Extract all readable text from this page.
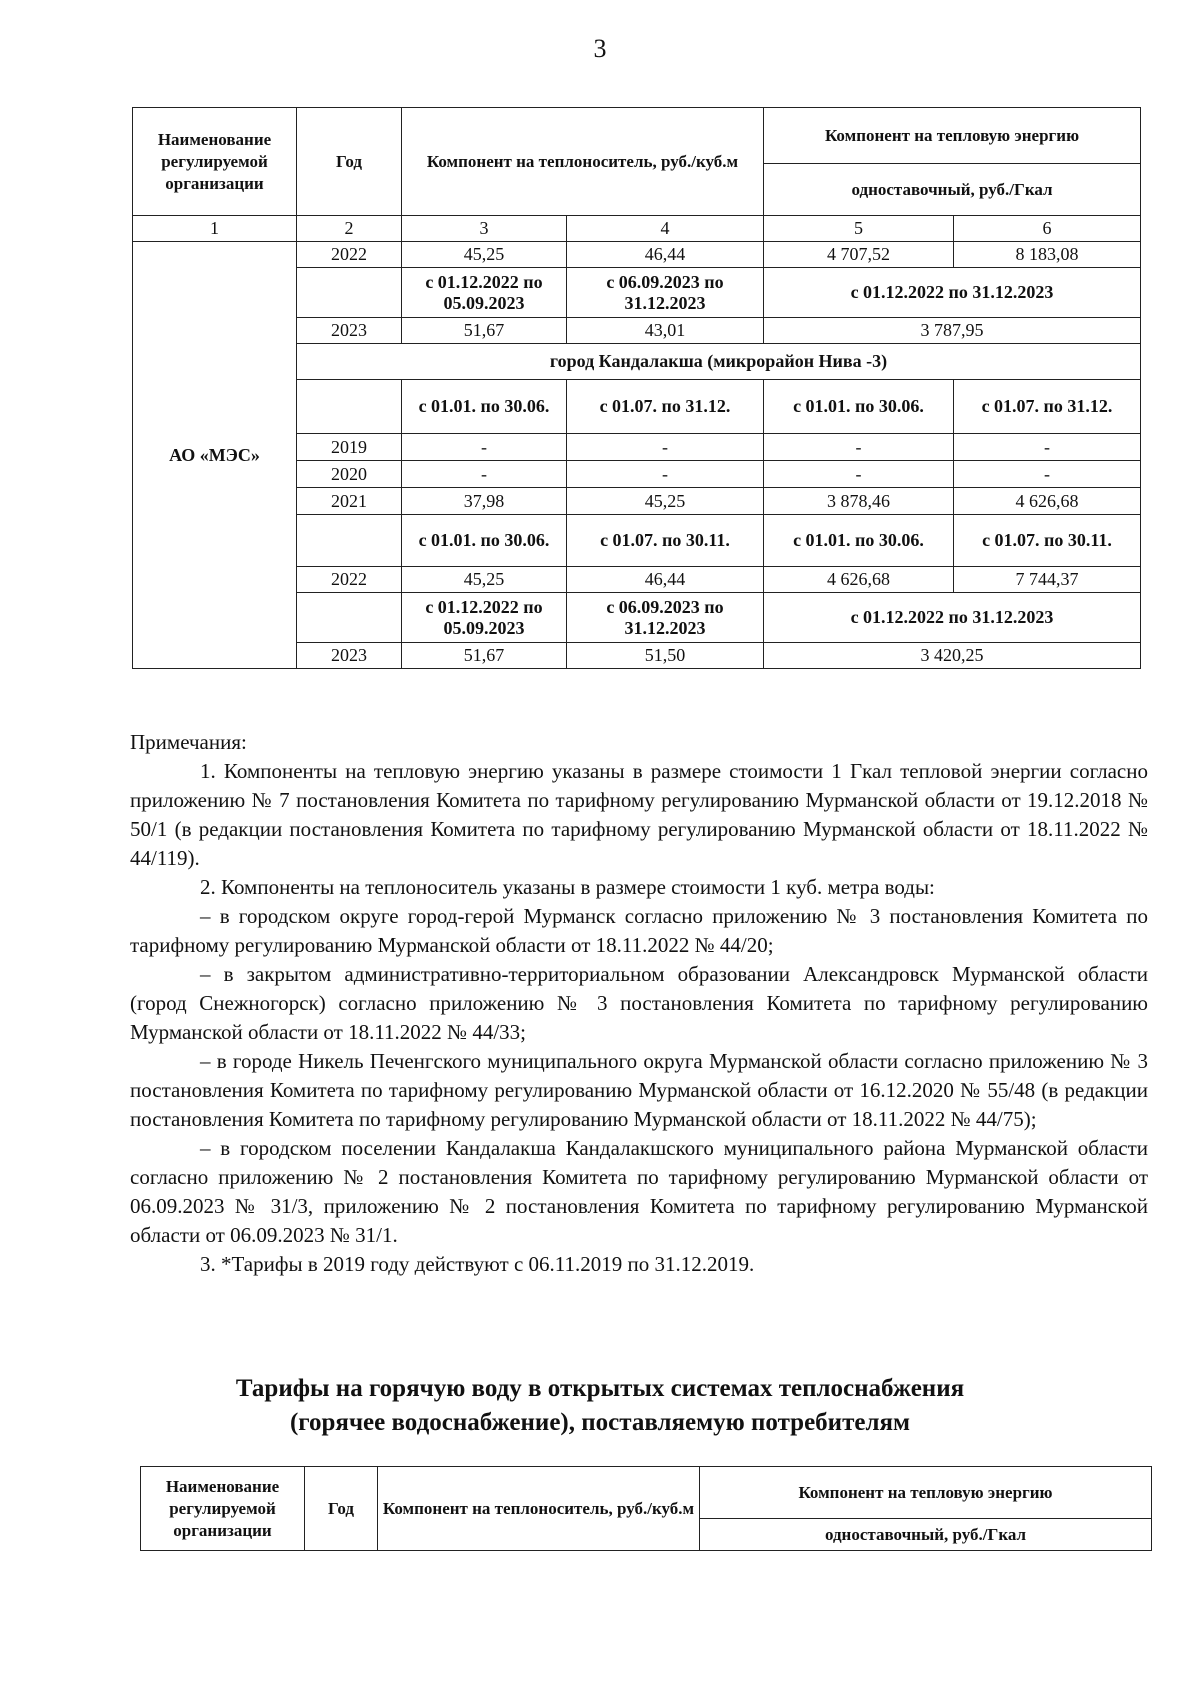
3
Наименование регулируемой организации	Год	Компонент на теплоноситель, руб./куб.м		Компонент на тепловую энергию	
				одноставочный, руб./Гкал	
1	2	3	4	5	6
АО «МЭС»	2022	45,25	46,44	4 707,52	8 183,08
		с 01.12.2022 по 05.09.2023	с 06.09.2023 по 31.12.2023	с 01.12.2022 по 31.12.2023	
	2023	51,67	43,01	3 787,95	
	город Кандалакша (микрорайон Нива -3)				
		с 01.01. по 30.06.	с 01.07. по 31.12.	с 01.01. по 30.06.	с 01.07. по 31.12.
	2019	-	-	-	-
	2020	-	-	-	-
	2021	37,98	45,25	3 878,46	4 626,68
		с 01.01. по 30.06.	с 01.07. по 30.11.	с 01.01. по 30.06.	с 01.07. по 30.11.
	2022	45,25	46,44	4 626,68	7 744,37
		с 01.12.2022 по 05.09.2023	с 06.09.2023 по 31.12.2023	с 01.12.2022 по 31.12.2023	
	2023	51,67	51,50	3 420,25	

Примечания:

1. Компоненты на тепловую энергию указаны в размере стоимости 1 Гкал тепловой энергии согласно приложению № 7 постановления Комитета по тарифному регулированию Мурманской области от 19.12.2018 № 50/1 (в редакции постановления Комитета по тарифному регулированию Мурманской области от 18.11.2022 № 44/119).

2. Компоненты на теплоноситель указаны в размере стоимости 1 куб. метра воды:

– в городском округе город-герой Мурманск согласно приложению № 3 постановления Комитета по тарифному регулированию Мурманской области от 18.11.2022 № 44/20;

– в закрытом административно-территориальном образовании Александровск Мурманской области (город Снежногорск) согласно приложению № 3 постановления Комитета по тарифному регулированию Мурманской области от 18.11.2022 № 44/33;

– в городе Никель Печенгского муниципального округа Мурманской области согласно приложению № 3 постановления Комитета по тарифному регулированию Мурманской области от 16.12.2020 № 55/48 (в редакции постановления Комитета по тарифному регулированию Мурманской области от 18.11.2022 № 44/75);

– в городском поселении Кандалакша Кандалакшского муниципального района Мурманской области согласно приложению № 2 постановления Комитета по тарифному регулированию Мурманской области от 06.09.2023 № 31/3, приложению № 2 постановления Комитета по тарифному регулированию Мурманской области от 06.09.2023 № 31/1.

3. *Тарифы в 2019 году действуют с 06.11.2019 по 31.12.2019.

Тарифы на горячую воду в открытых системах теплоснабжения
(горячее водоснабжение), поставляемую потребителям
Наименование регулируемой организации	Год	Компонент на теплоноситель, руб./куб.м	Компонент на тепловую энергию
одноставочный, руб./Гкал
